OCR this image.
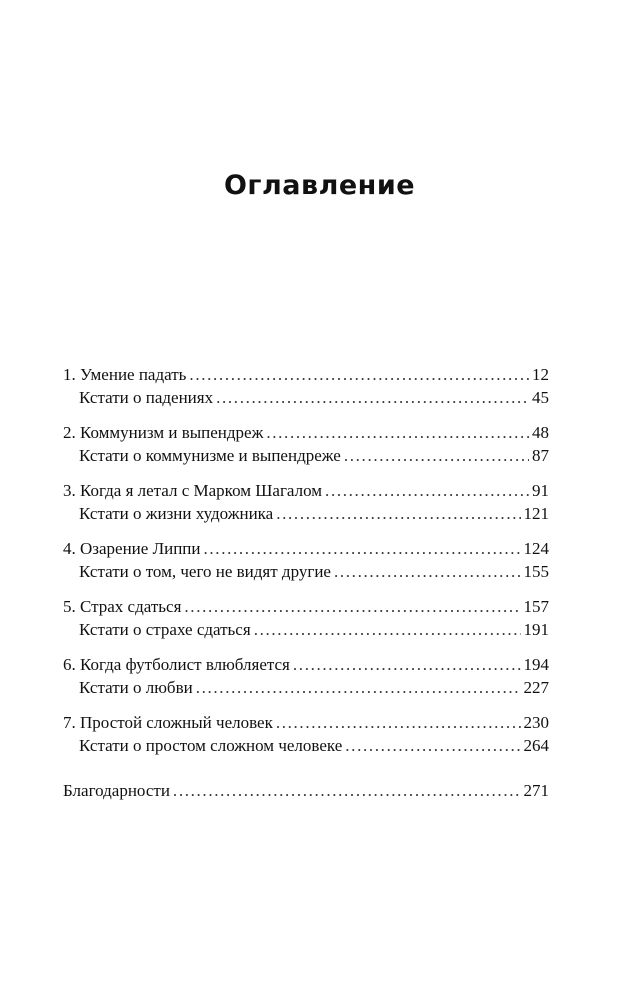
Оглавление
1. Умение падать . . .	12
Кстати о падениях . . .	45
2. Коммунизм и выпендреж . . .	48
Кстати о коммунизме и выпендреже . . .	87
3. Когда я летал с Марком Шагалом . . .	91
Кстати о жизни художника . . .	121
4. Озарение Липпи . . .	124
Кстати о том, чего не видят другие . . .	155
5. Страх сдаться . . .	157
Кстати о страхе сдаться . . .	191
6. Когда футболист влюбляется . . .	194
Кстати о любви . . .	227
7. Простой сложный человек . . .	230
Кстати о простом сложном человеке . . .	264
Благодарности . . .	271
